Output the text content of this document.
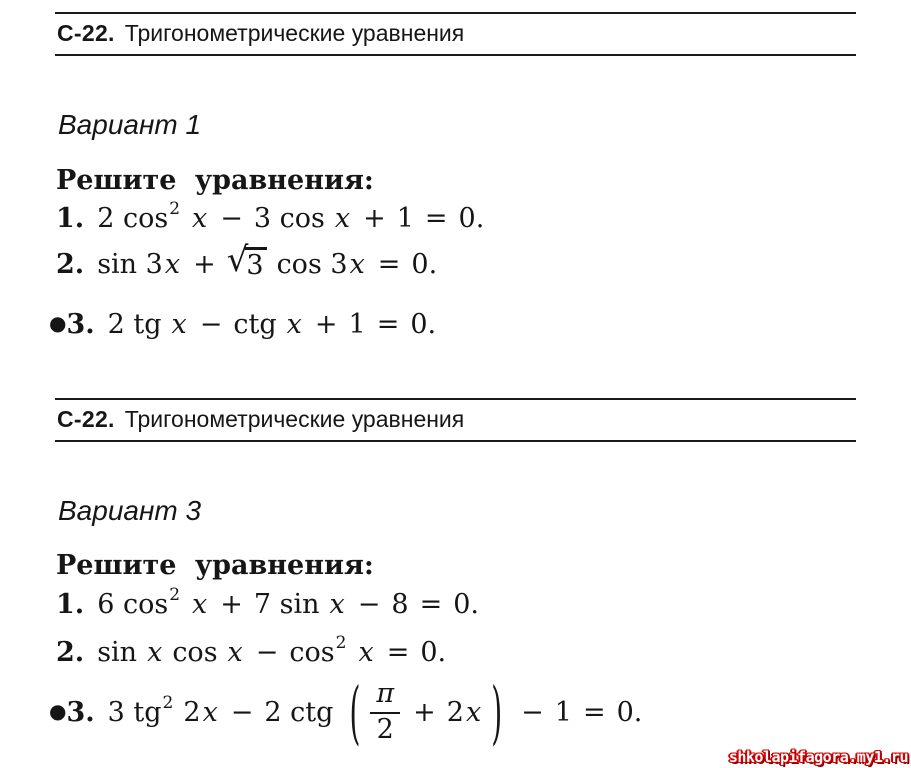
С-22. Тригонометрические уравнения
Вариант 1
Решите уравнения:
1. 2 cos 2 x − 3 cos x + 1 = 0.
2. sin 3 x + √
3 cos 3 x = 0.
● 3. 2 tg x − ctg x + 1 = 0.
С-22. Тригонометрические уравнения
Вариант 3
Решите уравнения:
1. 6 cos 2 x + 7 sin x − 8 = 0.
2. sin x cos x − cos 2 x = 0.
● 3. 3 tg 2 2 x − 2 ctg ( π
2
+ 2 x ) − 1 = 0.
shkolapifagora.my1.ru
